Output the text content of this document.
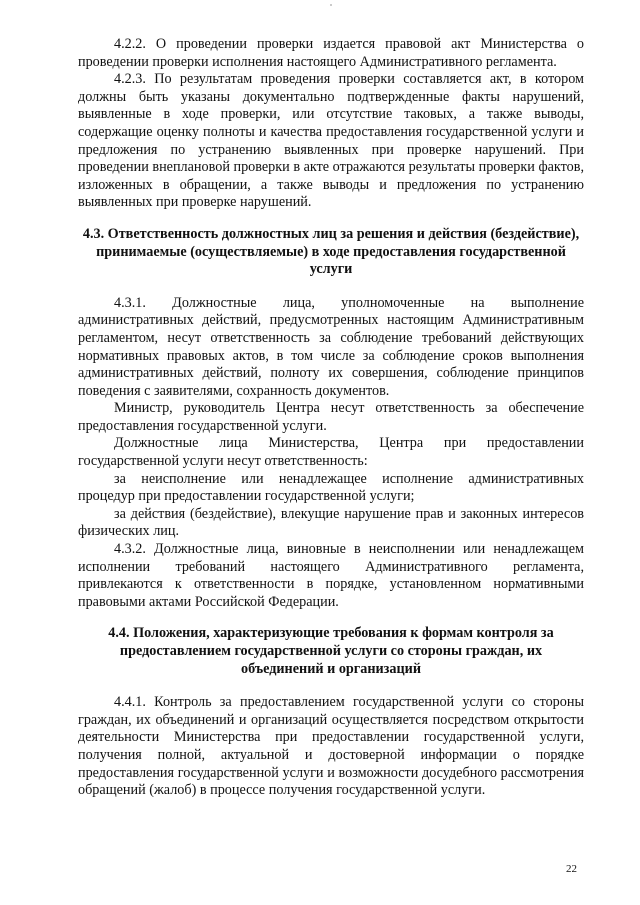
4.2.2. О проведении проверки издается правовой акт Министерства о проведении проверки исполнения настоящего Административного регламента.

4.2.3. По результатам проведения проверки составляется акт, в котором должны быть указаны документально подтвержденные факты нарушений, выявленные в ходе проверки, или отсутствие таковых, а также выводы, содержащие оценку полноты и качества предоставления государственной услуги и предложения по устранению выявленных при проверке нарушений. При проведении внеплановой проверки в акте отражаются результаты проверки фактов, изложенных в обращении, а также выводы и предложения по устранению выявленных при проверке нарушений.

4.3. Ответственность должностных лиц за решения и действия (бездействие), принимаемые (осуществляемые) в ходе предоставления государственной услуги

4.3.1. Должностные лица, уполномоченные на выполнение административных действий, предусмотренных настоящим Административным регламентом, несут ответственность за соблюдение требований действующих нормативных правовых актов, в том числе за соблюдение сроков выполнения административных действий, полноту их совершения, соблюдение принципов поведения с заявителями, сохранность документов.

Министр, руководитель Центра несут ответственность за обеспечение предоставления государственной услуги.

Должностные лица Министерства, Центра при предоставлении государственной услуги несут ответственность:

за неисполнение или ненадлежащее исполнение административных процедур при предоставлении государственной услуги;

за действия (бездействие), влекущие нарушение прав и законных интересов физических лиц.

4.3.2. Должностные лица, виновные в неисполнении или ненадлежащем исполнении требований настоящего Административного регламента, привлекаются к ответственности в порядке, установленном нормативными правовыми актами Российской Федерации.

4.4. Положения, характеризующие требования к формам контроля за предоставлением государственной услуги со стороны граждан, их объединений и организаций

4.4.1. Контроль за предоставлением государственной услуги со стороны граждан, их объединений и организаций осуществляется посредством открытости деятельности Министерства при предоставлении государственной услуги, получения полной, актуальной и достоверной информации о порядке предоставления государственной услуги и возможности досудебного рассмотрения обращений (жалоб) в процессе получения государственной услуги.

22
